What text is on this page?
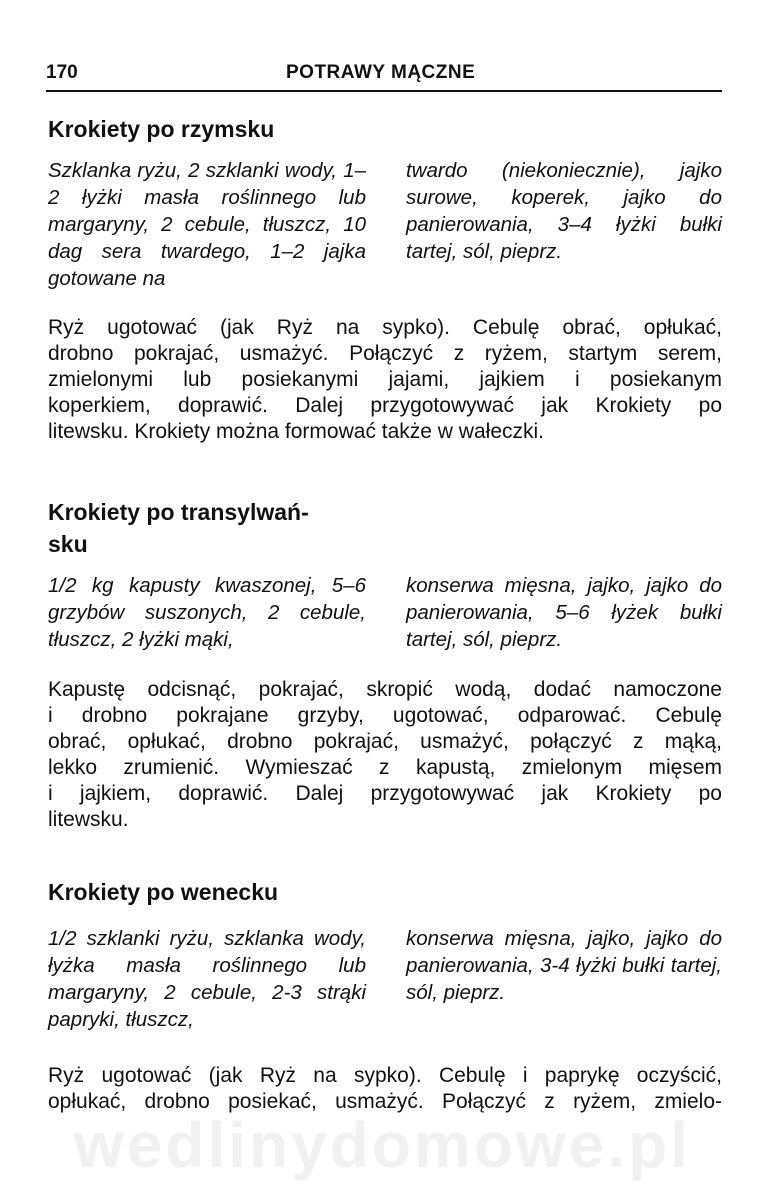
170	POTRAWY MĄCZNE
Krokiety po rzymsku

Szklanka ryżu, 2 szklanki wody, 1–2 łyżki masła roślinnego lub margaryny, 2 cebule, tłuszcz, 10 dag sera twardego, 1–2 jajka gotowane na

twardo (niekoniecznie), jajko surowe, koperek, jajko do panierowania, 3–4 łyżki bułki tartej, sól, pieprz.

Ryż ugotować (jak Ryż na sypko). Cebulę obrać, opłukać,

drobno pokrajać, usmażyć. Połączyć z ryżem, startym serem,

zmielonymi lub posiekanymi jajami, jajkiem i posiekanym

koperkiem, doprawić. Dalej przygotowywać jak Krokiety po

litewsku. Krokiety można formować także w wałeczki.

Krokiety po transylwań-
sku

1/2 kg kapusty kwaszonej, 5–6 grzybów suszonych, 2 cebule, tłuszcz, 2 łyżki mąki,

konserwa mięsna, jajko, jajko do panierowania, 5–6 łyżek bułki tartej, sól, pieprz.

Kapustę odcisnąć, pokrajać, skropić wodą, dodać namoczone

i drobno pokrajane grzyby, ugotować, odparować. Cebulę

obrać, opłukać, drobno pokrajać, usmażyć, połączyć z mąką,

lekko zrumienić. Wymieszać z kapustą, zmielonym mięsem

i jajkiem, doprawić. Dalej przygotowywać jak Krokiety po

litewsku.

Krokiety po wenecku

1/2 szklanki ryżu, szklanka wody, łyżka masła roślinnego lub margaryny, 2 cebule, 2-3 strąki papryki, tłuszcz,

konserwa mięsna, jajko, jajko do panierowania, 3-4 łyżki bułki tartej, sól, pieprz.

Ryż ugotować (jak Ryż na sypko). Cebulę i paprykę oczyścić,

opłukać, drobno posiekać, usmażyć. Połączyć z ryżem, zmielo-

wedlinydomowe.pl
